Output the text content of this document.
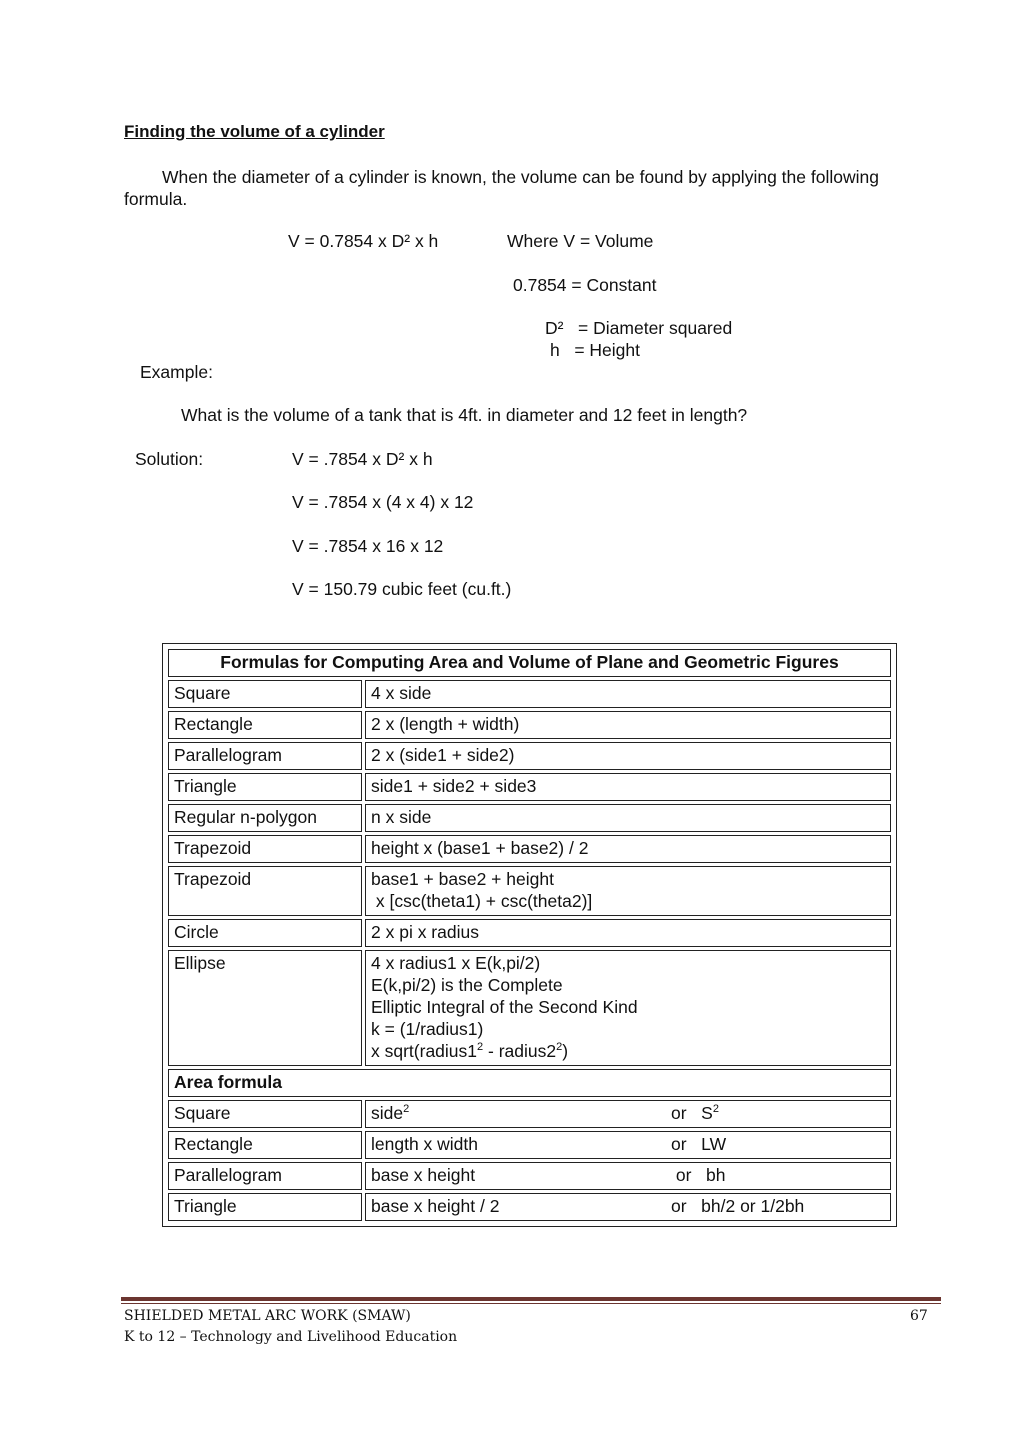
Finding the volume of a cylinder
When the diameter of a cylinder is known, the volume can be found by applying the following formula.
V = 0.7854 x D² x h	Where V = Volume
0.7854 = Constant
D²   = Diameter squared
h   = Height
Example:
What is the volume of a tank that is 4ft. in diameter and 12 feet in length?
Solution:	V = .7854 x D² x h
V = .7854 x (4 x 4) x 12
V = .7854 x 16 x 12
V = 150.79 cubic feet (cu.ft.)
Formulas for Computing Area and Volume of Plane and Geometric Figures	
Square	4 x side
Rectangle	2 x (length + width)
Parallelogram	2 x (side1 + side2)
Triangle	side1 + side2 + side3
Regular n-polygon	n x side
Trapezoid	height x (base1 + base2) / 2
Trapezoid	base1 + base2 + height
x [csc(theta1) + csc(theta2)]

Circle	2 x pi x radius
Ellipse	4 x radius1 x E(k,pi/2)
E(k,pi/2) is the Complete
Elliptic Integral of the Second Kind
k = (1/radius1)
x $sqrt(radius1^2$ - $radius2^2$)

Area formula	
Square	side$^2$ or   $S^2$

Rectangle	length x width or   LW

Parallelogram	base x height or   bh

Triangle	base x height / 2 or   bh/2 or 1/2bh
SHIELDED METAL ARC WORK (SMAW)
K to 12 – Technology and Livelihood Education
67
